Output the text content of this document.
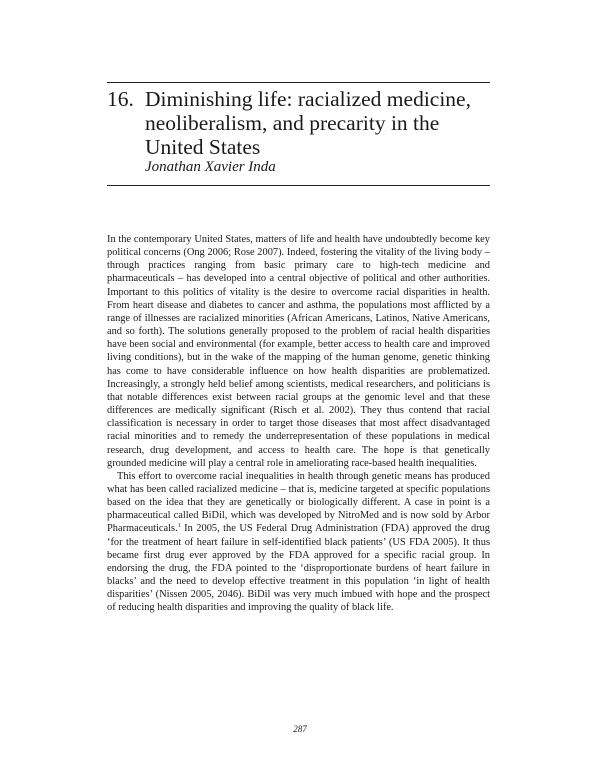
16. Diminishing life: racialized medicine, neoliberalism, and precarity in the United States
Jonathan Xavier Inda

In the contemporary United States, matters of life and health have undoubtedly become key political concerns (Ong 2006; Rose 2007). Indeed, fostering the vitality of the living body – through practices ranging from basic primary care to high-tech medicine and pharmaceuticals – has developed into a central objective of political and other authorities. Important to this politics of vitality is the desire to overcome racial disparities in health. From heart disease and diabetes to cancer and asthma, the populations most afflicted by a range of illnesses are racialized minorities (African Americans, Latinos, Native Americans, and so forth). The solutions generally proposed to the problem of racial health disparities have been social and environmental (for example, better access to health care and improved living conditions), but in the wake of the mapping of the human genome, genetic thinking has come to have considerable influence on how health disparities are problematized. Increasingly, a strongly held belief among scientists, medical researchers, and politicians is that notable differences exist between racial groups at the genomic level and that these differences are medically significant (Risch et al. 2002). They thus contend that racial classification is necessary in order to target those diseases that most affect disadvantaged racial minorities and to remedy the underrepresentation of these populations in medical research, drug development, and access to health care. The hope is that genetically grounded medicine will play a central role in ameliorating race-based health inequalities.

This effort to overcome racial inequalities in health through genetic means has produced what has been called racialized medicine – that is, medicine targeted at specific populations based on the idea that they are genetically or biologically different. A case in point is a pharmaceutical called BiDil, which was developed by NitroMed and is now sold by Arbor Pharmaceuticals.$^1$ In 2005, the US Federal Drug Administration (FDA) approved the drug ‘for the treatment of heart failure in self-identified black patients’ (US FDA 2005). It thus became first drug ever approved by the FDA approved for a specific racial group. In endorsing the drug, the FDA pointed to the ‘disproportionate burdens of heart failure in blacks’ and the need to develop effective treatment in this population ‘in light of health disparities’ (Nissen 2005, 2046). BiDil was very much imbued with hope and the prospect of reducing health disparities and improving the quality of black life.

287
